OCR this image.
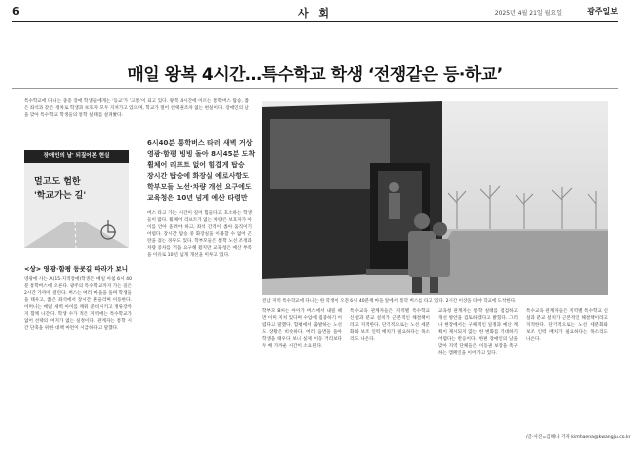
6	사 회	2025년 4월 21일 월요일	광주일보
매일 왕복 4시간…특수학교 학생 ‘전쟁같은 등·하교’
특수학교에 다니는 중증 장애 학생들에게는 '등교'가 '고통'이 되고 있다. 왕복 4시간에 이르는 통학버스 탑승, 좁은 좌석과 잦은 정차로 학생과 보호자 모두 지쳐가고 있으며, 학교가 멀어 선택권조차 없는 현실이다. 장애인의 날을 맞아 특수학교 학생들의 통학 실태를 살펴봤다.
장애인의 날' 되짚어본 현실
멀고도 험한
'학교가는 길'
<상> 영광·함평 등굣길 따라가 보니
영광에 사는 A(15·지적장애)학생은 매일 아침 6시 40분 통학버스에 오른다. 광주의 특수학교까지 가는 길은 2시간 가까이 걸린다. 버스는 여러 마을을 돌며 학생들을 태우고, 좁은 좌석에서 장시간 흔들리며 이동한다. 어머니는 매일 새벽 아이를 깨워 준비시키고 정류장까지 함께 나간다. 학생 수가 적은 지역에는 특수학교가 없어 선택의 여지가 없는 실정이다. 관계자는 통학 시간 단축을 위한 대책 마련이 시급하다고 말했다.
6시40분 통학버스 타러 새벽 거상
영광·함평 빙빙 돌아 8시45분 도착
휠체어 리프트 없어 힘겹게 탑승
장시간 탑승에 화장실 예로사항도
학부모들 노선·차량 개선 요구에도
교육청은 10년 넘게 예산 타령만
버스 타고 가는 시간이 길어 힘들다고 호소하는 학생들이 많다. 휠체어 리프트가 없는 차량은 보호자가 아이를 안아 올려야 하고, 좌석 간격이 좁아 움직이기 어렵다. 장시간 탑승 중 화장실을 이용할 수 없어 곤란을 겪는 경우도 있다. 학부모들은 통학 노선 조정과 차량 증차를 거듭 요구해 왔지만 교육청은 예산 부족을 이유로 10년 넘게 개선을 미루고 있다.
전남 지역 특수학교에 다니는 한 학생이 오전 6시 40분께 마을 앞에서 통학 버스를 타고 있다. 2시간 이상을 타야 학교에 도착한다.
학부모 B씨는 아이가 버스에서 내릴 때면 이미 지쳐 있다며 수업에 집중하기 어렵다고 말했다. 함평에서 출발하는 노선도 상황은 비슷하다. 여러 읍면을 돌아 학생을 태우다 보니 실제 이동 거리보다 두 배 가까운 시간이 소요된다.
특수교육 관계자들은 지역별 특수학교 신설과 분교 설치가 근본적인 해결책이라고 지적한다. 단기적으로는 노선 세분화와 보조 인력 배치가 필요하다는 목소리도 나온다.
교육청 관계자는 통학 실태를 점검하고 개선 방안을 검토하겠다고 밝혔다. 그러나 현장에서는 구체적인 일정과 예산 계획이 제시되지 않는 한 변화를 기대하기 어렵다는 반응이다. 한편 장애인의 날을 맞아 지역 단체들은 이동권 보장을 촉구하는 캠페인을 이어가고 있다.
특수교육 관계자들은 지역별 특수학교 신설과 분교 설치가 근본적인 해결책이라고 지적한다. 단기적으로는 노선 세분화와 보조 인력 배치가 필요하다는 목소리도 나온다.
/글·사진=김해나 기자 kimhaena@kwangju.co.kr
